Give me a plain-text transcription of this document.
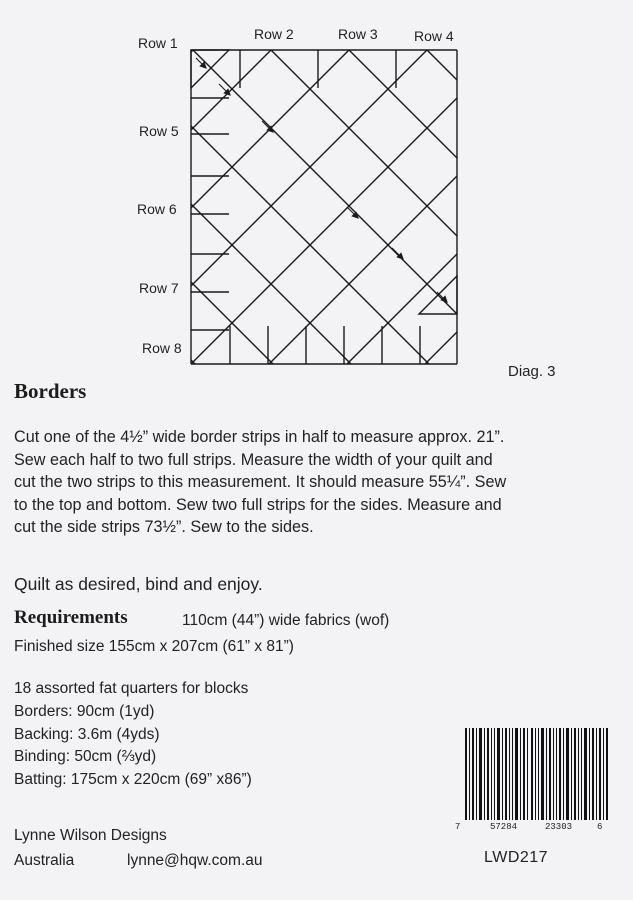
Row 1
Row 2	Row 3	Row 4
Row 5
Row 6
Row 7
Row 8
Diag. 3
Borders
Cut one of the 4½” wide border strips in half to measure approx. 21”.
Sew each half to two full strips. Measure the width of your quilt and
cut the two strips to this measurement. It should measure 55¼”. Sew
to the top and bottom. Sew two full strips for the sides. Measure and
cut the side strips 73½”. Sew to the sides.
Quilt as desired, bind and enjoy.
Requirements	110cm (44”) wide fabrics (wof)
Finished size 155cm x 207cm (61” x 81”)
18 assorted fat quarters for blocks
Borders: 90cm (1yd)
Backing: 3.6m (4yds)
Binding: 50cm (⅔yd)
Batting: 175cm x 220cm (69” x86”)
Lynne Wilson Designs
Australia	lynne@hqw.com.au
7	57284	23303	6
LWD217
